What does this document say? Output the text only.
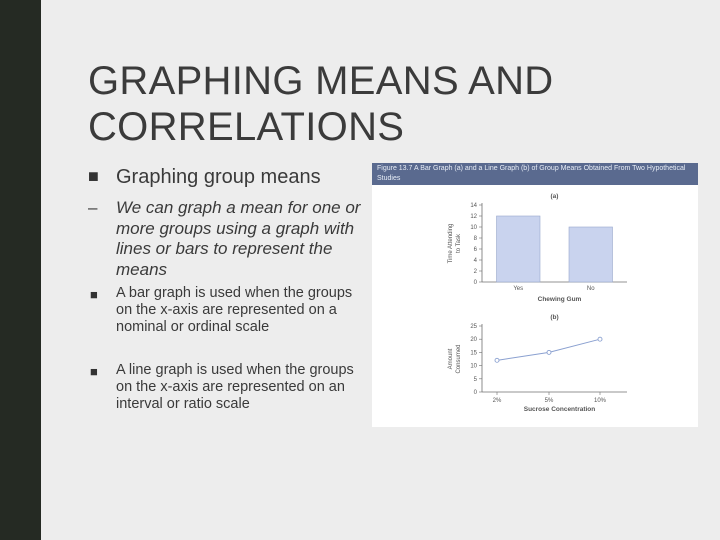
GRAPHING MEANS AND CORRELATIONS
■ Graphing group means
– We can graph a mean for one or more groups using a graph with lines or bars to represent the means
■ A bar graph is used when the groups on the x-axis are represented on a nominal or ordinal scale
■ A line graph is used when the groups on the x-axis are represented on an interval or ratio scale
Figure 13.7 A Bar Graph (a) and a Line Graph (b) of Group Means Obtained From Two Hypothetical Studies
(a)
0
2
4
6
8
10
12
14
Time Attending to Task
Chewing Gum
Yes	No
(b)
0
5
10
15
20
25
Amount Consumed
Sucrose Concentration
2%	5%	10%
